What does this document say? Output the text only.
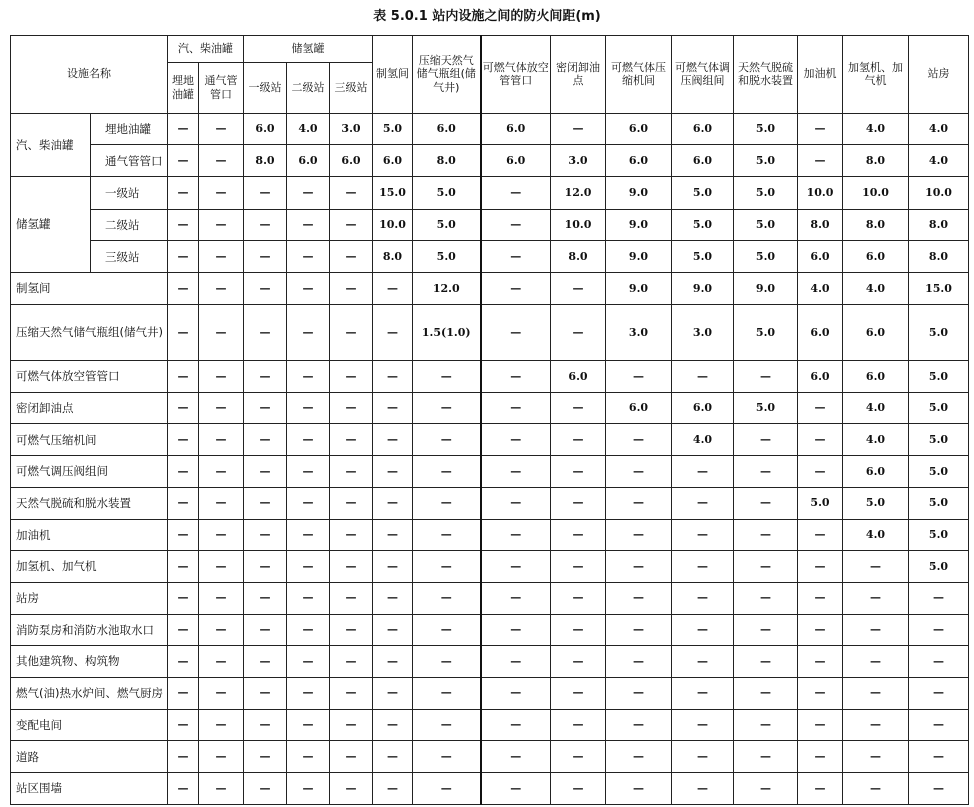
表 5.0.1 站内设施之间的防火间距(m)
设施名称		汽、柴油罐		储氢罐			制氢间	压缩天然气储气瓶组(储气井)	可燃气体放空管管口	密闭卸油点	可燃气体压缩机间	可燃气体调压阀组间	天然气脱硫和脱水装置	加油机	加氢机、加气机	站房
		埋地油罐	通气管管口	一级站	二级站	三级站										
汽、柴油罐	埋地油罐	—	—	6.0	4.0	3.0	5.0	6.0	6.0	—	6.0	6.0	5.0	—	4.0	4.0
	通气管管口	—	—	8.0	6.0	6.0	6.0	8.0	6.0	3.0	6.0	6.0	5.0	—	8.0	4.0
储氢罐	一级站	—	—	—	—	—	15.0	5.0	—	12.0	9.0	5.0	5.0	10.0	10.0	10.0
	二级站	—	—	—	—	—	10.0	5.0	—	10.0	9.0	5.0	5.0	8.0	8.0	8.0
	三级站	—	—	—	—	—	8.0	5.0	—	8.0	9.0	5.0	5.0	6.0	6.0	8.0
制氢间		—	—	—	—	—	—	12.0	—	—	9.0	9.0	9.0	4.0	4.0	15.0
压缩天然气储气瓶组(储气井)		—	—	—	—	—	—	1.5(1.0)	—	—	3.0	3.0	5.0	6.0	6.0	5.0
可燃气体放空管管口		—	—	—	—	—	—	—	—	6.0	—	—	—	6.0	6.0	5.0
密闭卸油点		—	—	—	—	—	—	—	—	—	6.0	6.0	5.0	—	4.0	5.0
可燃气压缩机间		—	—	—	—	—	—	—	—	—	—	4.0	—	—	4.0	5.0
可燃气调压阀组间		—	—	—	—	—	—	—	—	—	—	—	—	—	6.0	5.0
天然气脱硫和脱水装置		—	—	—	—	—	—	—	—	—	—	—	—	5.0	5.0	5.0
加油机		—	—	—	—	—	—	—	—	—	—	—	—	—	4.0	5.0
加氢机、加气机		—	—	—	—	—	—	—	—	—	—	—	—	—	—	5.0
站房		—	—	—	—	—	—	—	—	—	—	—	—	—	—	—
消防泵房和消防水池取水口		—	—	—	—	—	—	—	—	—	—	—	—	—	—	—
其他建筑物、构筑物		—	—	—	—	—	—	—	—	—	—	—	—	—	—	—
燃气(油)热水炉间、燃气厨房		—	—	—	—	—	—	—	—	—	—	—	—	—	—	—
变配电间		—	—	—	—	—	—	—	—	—	—	—	—	—	—	—
道路		—	—	—	—	—	—	—	—	—	—	—	—	—	—	—
站区围墙		—	—	—	—	—	—	—	—	—	—	—	—	—	—	—
